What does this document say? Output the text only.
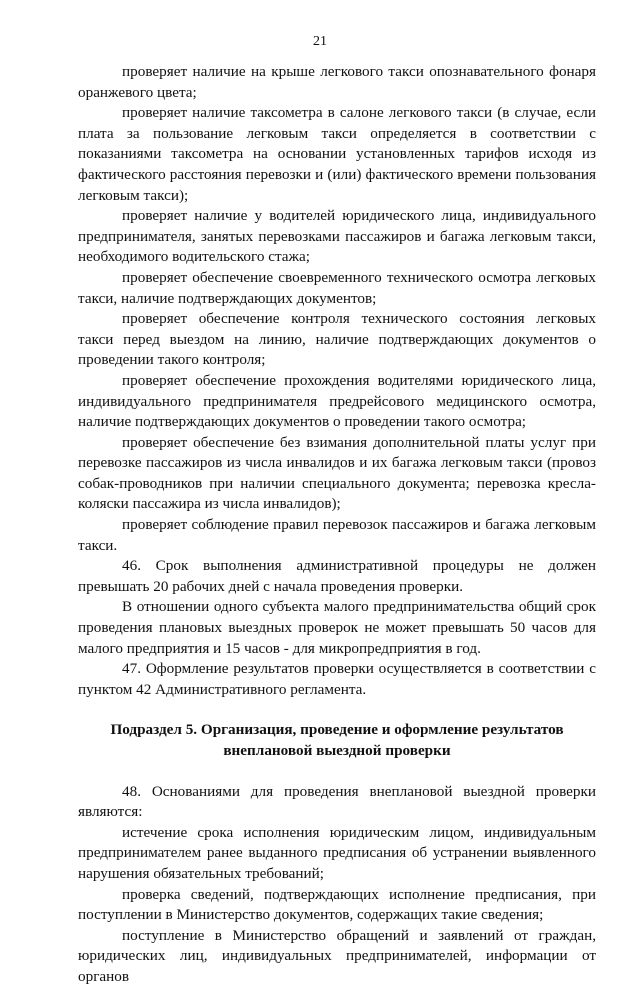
21

проверяет наличие на крыше легкового такси опознавательного фонаря оранжевого цвета;

проверяет наличие таксометра в салоне легкового такси (в случае, если плата за пользование легковым такси определяется в соответствии с показаниями таксометра на основании установленных тарифов исходя из фактического расстояния перевозки и (или) фактического времени пользования легковым такси);

проверяет наличие у водителей юридического лица, индивидуального предпринимателя, занятых перевозками пассажиров и багажа легковым такси, необходимого водительского стажа;

проверяет обеспечение своевременного технического осмотра легковых такси, наличие подтверждающих документов;

проверяет обеспечение контроля технического состояния легковых такси перед выездом на линию, наличие подтверждающих документов о проведении такого контроля;

проверяет обеспечение прохождения водителями юридического лица, индивидуального предпринимателя предрейсового медицинского осмотра, наличие подтверждающих документов о проведении такого осмотра;

проверяет обеспечение без взимания дополнительной платы услуг при перевозке пассажиров из числа инвалидов и их багажа легковым такси (провоз собак-проводников при наличии специального документа; перевозка кресла-коляски пассажира из числа инвалидов);

проверяет соблюдение правил перевозок пассажиров и багажа легковым такси.

46. Срок выполнения административной процедуры не должен превышать 20 рабочих дней с начала проведения проверки.

В отношении одного субъекта малого предпринимательства общий срок проведения плановых выездных проверок не может превышать 50 часов для малого предприятия и 15 часов - для микропредприятия в год.

47. Оформление результатов проверки осуществляется в соответствии с пунктом 42 Административного регламента.

Подраздел 5. Организация, проведение и оформление результатов внеплановой выездной проверки

48. Основаниями для проведения внеплановой выездной проверки являются:

истечение срока исполнения юридическим лицом, индивидуальным предпринимателем ранее выданного предписания об устранении выявленного нарушения обязательных требований;

проверка сведений, подтверждающих исполнение предписания, при поступлении в Министерство документов, содержащих такие сведения;

поступление в Министерство обращений и заявлений от граждан, юридических лиц, индивидуальных предпринимателей, информации от органов
